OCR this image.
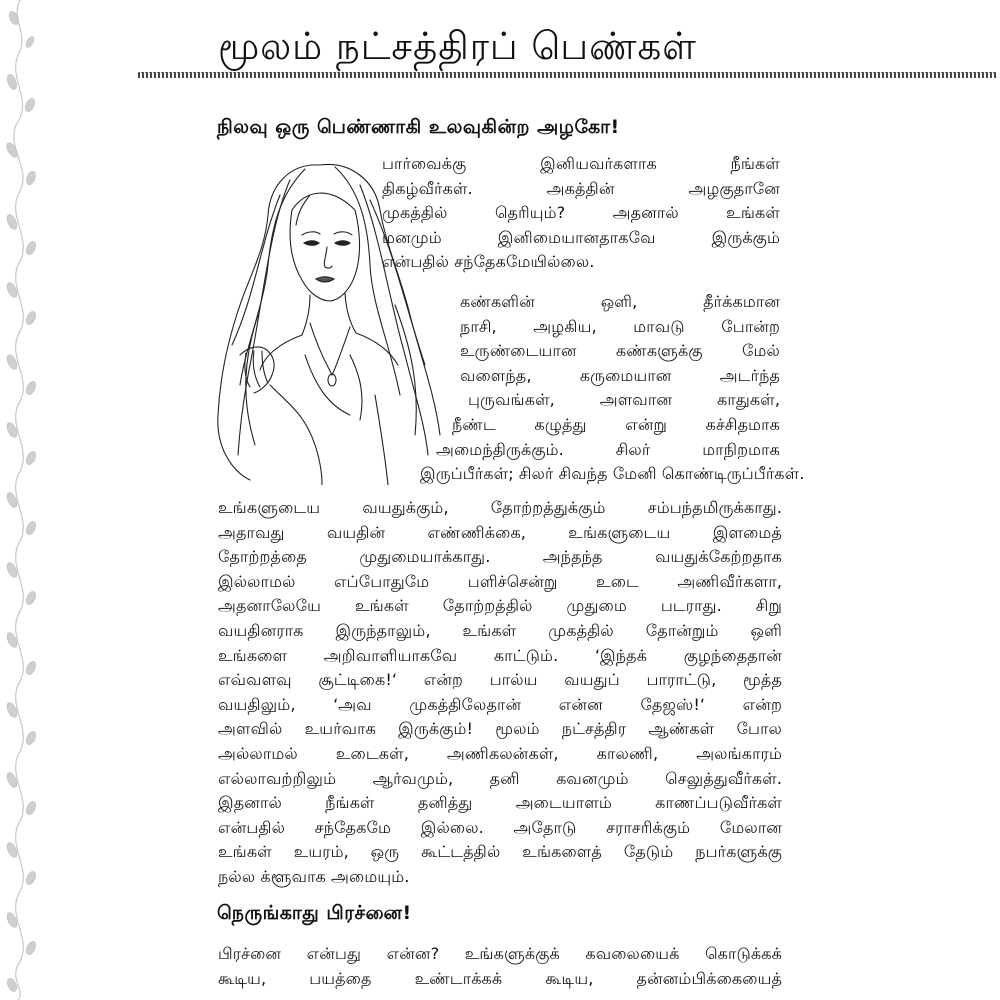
மூலம் நட்சத்திரப் பெண்கள்
நிலவு ஒரு பெண்ணாகி உலவுகின்ற அழகோ!
பார்வைக்கு இனியவர்களாக நீங்கள்
திகழ்வீர்கள். அகத்தின் அழகுதானே
முகத்தில் தெரியும்? அதனால் உங்கள்
மனமும் இனிமையானதாகவே இருக்கும்
என்பதில் சந்தேகமேயில்லை.
கண்களின் ஒளி, தீர்க்கமான
நாசி, அழகிய, மாவடு போன்ற
உருண்டையான கண்களுக்கு மேல்
வளைந்த, கருமையான அடர்ந்த
புருவங்கள், அளவான காதுகள்,
நீண்ட கழுத்து என்று கச்சிதமாக
அமைந்திருக்கும். சிலர் மாநிறமாக
இருப்பீர்கள்; சிலர் சிவந்த மேனி கொண்டிருப்பீர்கள்.
உங்களுடைய வயதுக்கும், தோற்றத்துக்கும் சம்பந்தமிருக்காது.
அதாவது வயதின் எண்ணிக்கை, உங்களுடைய இளமைத்
தோற்றத்தை முதுமையாக்காது. அந்தந்த வயதுக்கேற்றதாக
இல்லாமல் எப்போதுமே பளிச்சென்று உடை அணிவீர்களா,
அதனாலேயே உங்கள் தோற்றத்தில் முதுமை படராது. சிறு
வயதினராக இருந்தாலும், உங்கள் முகத்தில் தோன்றும் ஒளி
உங்களை அறிவாளியாகவே காட்டும். ‘இந்தக் குழந்தைதான்
எவ்வளவு சூட்டிகை!‘ என்ற பால்ய வயதுப் பாராட்டு, மூத்த
வயதிலும், ‘அவ முகத்திலேதான் என்ன தேஜஸ்!‘ என்ற
அளவில் உயர்வாக இருக்கும்! மூலம் நட்சத்திர ஆண்கள் போல
அல்லாமல் உடைகள், அணிகலன்கள், காலணி, அலங்காரம்
எல்லாவற்றிலும் ஆர்வமும், தனி கவனமும் செலுத்துவீர்கள்.
இதனால் நீங்கள் தனித்து அடையாளம் காணப்படுவீர்கள்
என்பதில் சந்தேகமே இல்லை. அதோடு சராசரிக்கும் மேலான
உங்கள் உயரம், ஒரு கூட்டத்தில் உங்களைத் தேடும் நபர்களுக்கு
நல்ல க்ளூவாக அமையும்.
நெருங்காது பிரச்னை!
பிரச்னை என்பது என்ன? உங்களுக்குக் கவலையைக் கொடுக்கக்
கூடிய, பயத்தை உண்டாக்கக் கூடிய, தன்னம்பிக்கையைத்
